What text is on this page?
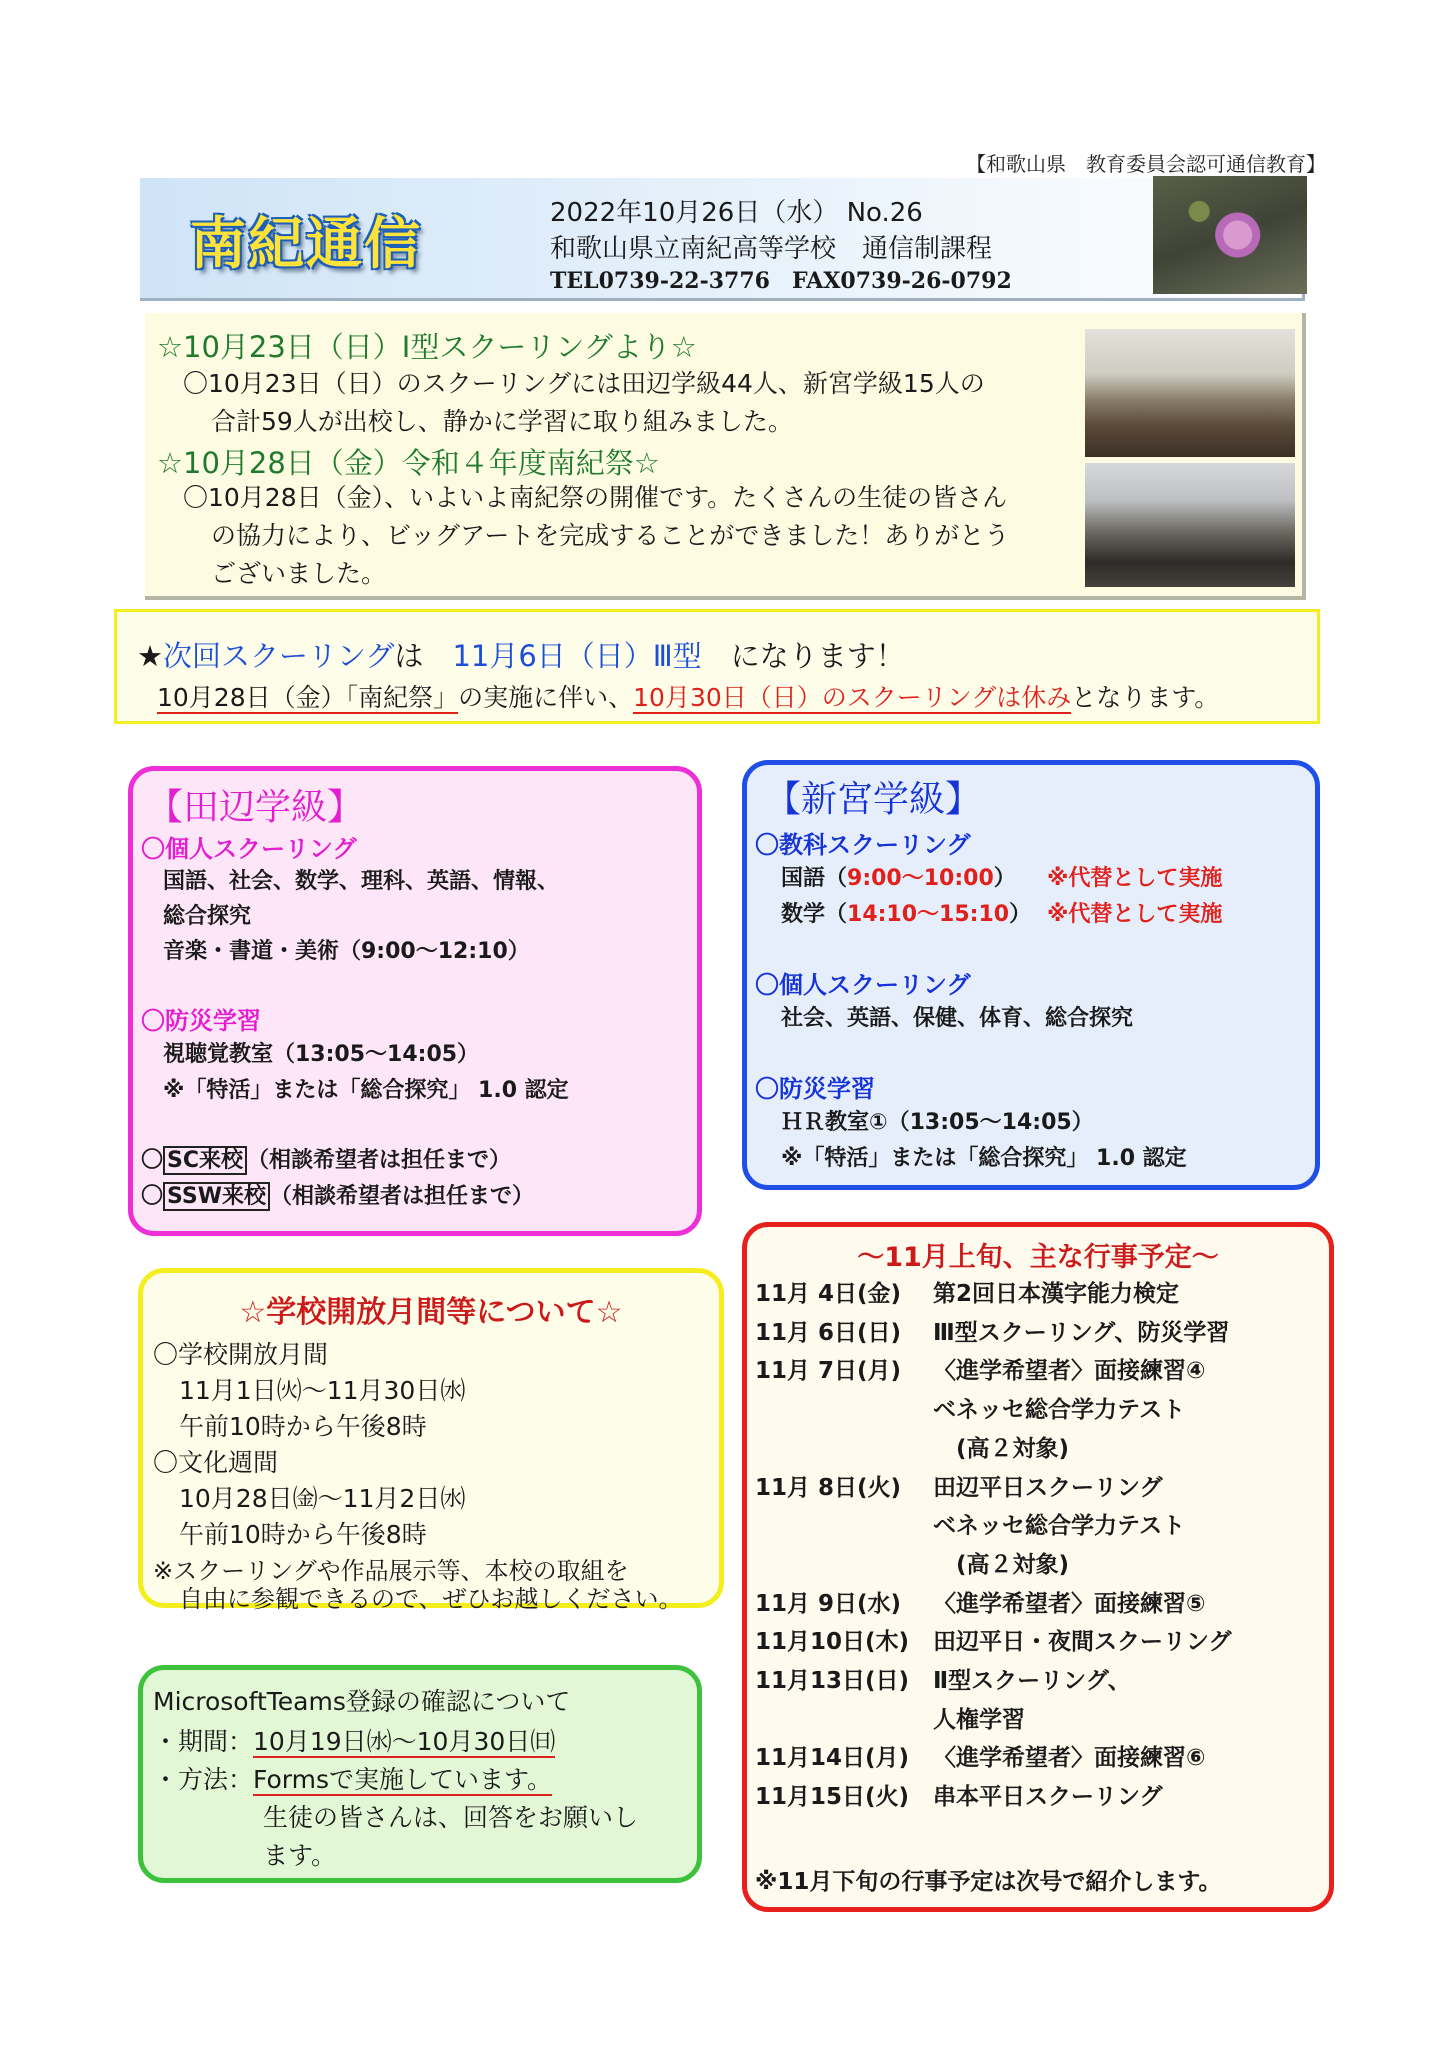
【和歌山県　教育委員会認可通信教育】
南紀通信	2022年10月26日（水） No.26
和歌山県立南紀高等学校　通信制課程
TEL0739-22-3776　FAX0739-26-0792
☆10月23日（日）Ⅰ型スクーリングより☆
〇10月23日（日）のスクーリングには田辺学級44人、新宮学級15人の
合計59人が出校し、静かに学習に取り組みました。
☆10月28日（金）令和４年度南紀祭☆
〇10月28日（金）、いよいよ南紀祭の開催です。たくさんの生徒の皆さん
の協力により、ビッグアートを完成することができました！ありがとう
ございました。
★次回スクーリングは　11月6日（日）Ⅲ型　になります！
10月28日（金）「南紀祭」の実施に伴い、10月30日（日）のスクーリングは休みとなります。
【田辺学級】
〇個人スクーリング
国語、社会、数学、理科、英語、情報、
総合探究
音楽・書道・美術（9:00～12:10）
〇防災学習
視聴覚教室（13:05～14:05）
※「特活」または「総合探究」 1.0 認定
〇 SC来校 （相談希望者は担任まで）
〇 SSW来校 （相談希望者は担任まで）
【新宮学級】
〇教科スクーリング
国語（9:00～10:00） ※代替として実施
数学（14:10～15:10） ※代替として実施
〇個人スクーリング
社会、英語、保健、体育、総合探究
〇防災学習
ＨＲ教室①（13:05～14:05）
※「特活」または「総合探究」 1.0 認定
☆学校開放月間等について☆
〇学校開放月間
11月1日㈫～11月30日㈬
午前10時から午後8時
〇文化週間
10月28日㈮～11月2日㈬
午前10時から午後8時
※スクーリングや作品展示等、本校の取組を
自由に参観できるので、ぜひお越しください。
MicrosoftTeams登録の確認について
・期間：10月19日㈬～10月30日㈰
・方法：Formsで実施しています。
生徒の皆さんは、回答をお願いし
ます。
～11月上旬、主な行事予定～
11月 4日(金) 第2回日本漢字能力検定
11月 6日(日) Ⅲ型スクーリング、防災学習
11月 7日(月) 〈進学希望者〉面接練習④
ベネッセ総合学力テスト
　(高２対象)
11月 8日(火) 田辺平日スクーリング
ベネッセ総合学力テスト
　(高２対象)
11月 9日(水) 〈進学希望者〉面接練習⑤
11月10日(木) 田辺平日・夜間スクーリング
11月13日(日) Ⅱ型スクーリング、
人権学習
11月14日(月) 〈進学希望者〉面接練習⑥
11月15日(火) 串本平日スクーリング
※11月下旬の行事予定は次号で紹介します。
